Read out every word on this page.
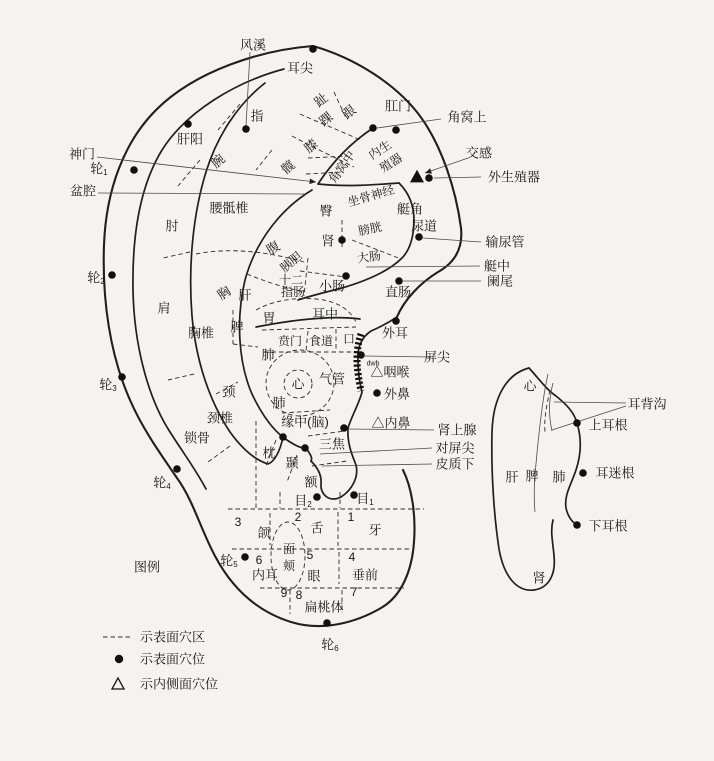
风溪
耳尖
肛门
角窝上
交感
外生殖器
肝阳
神门
轮$_1$
盆腔
腰骶椎
肘
轮$_2$
肩
胸椎
轮$_3$
锁骨
轮$_4$
轮$_5$
轮$_6$
指
腕
趾
跟
踝
膝
髋
内生
殖器
角窝中
坐骨神经
臀	艇角
尿道
膀胱
肾
腹
胰胆	大肠
输尿管
艇中
阑尾
直肠
十二
指肠 小肠
耳中
外耳
胸 肝
脾
胃
贲门 食道 口
肺
肺
心 气管
屏尖
dwb
△咽喉
外鼻
△内鼻 肾上腺
对屏尖
皮质下
缘中(脑)
三焦
颈
颈椎
枕
颞
额
目$_2$	目$_1$
3	2	1
颌	舌	牙
6	5	4
面
颊
内耳 眼 垂前
9 8	7
扁桃体
心
耳背沟
上耳根
肝 脾 肺 耳迷根
下耳根
肾
图例
示表面穴区
示表面穴位
示内侧面穴位
